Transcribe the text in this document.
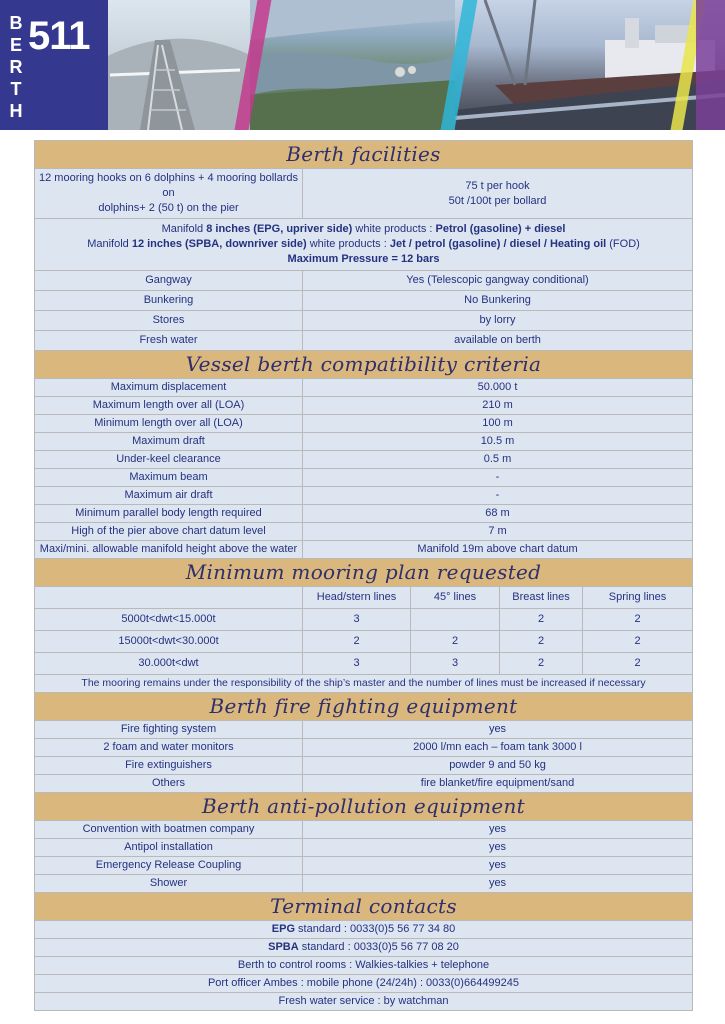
B
E
R
T
H
511
Berth facilities				
12 mooring hooks on 6 dolphins + 4 mooring bollards on
dolphins+ 2 (50 t) on the pier	75 t per hook
50t /100t per bollard			
Manifold 8 inches (EPG, upriver side) white products : Petrol (gasoline) + diesel
Manifold 12 inches (SPBA, downriver side) white products : Jet / petrol (gasoline) / diesel / Heating oil (FOD)
Maximum Pressure = 12 bars				
Gangway	Yes (Telescopic gangway conditional)			
Bunkering	No Bunkering			
Stores	by lorry			
Fresh water	available on berth			
Vessel berth compatibility criteria				
Maximum displacement	50.000 t			
Maximum length over all (LOA)	210 m			
Minimum length over all (LOA)	100 m			
Maximum draft	10.5 m			
Under-keel clearance	0.5 m			
Maximum beam	-			
Maximum air draft	-			
Minimum parallel body length required	68 m			
High of the pier above chart datum level	7 m			
Maxi/mini. allowable manifold height above the water	Manifold 19m above chart datum			
Minimum mooring plan requested				
	Head/stern lines	45° lines	Breast lines	Spring lines
5000t<dwt<15.000t	3		2	2
15000t<dwt<30.000t	2	2	2	2
30.000t<dwt	3	3	2	2
The mooring remains under the responsibility of the ship’s master and the number of lines must be increased if necessary				
Berth fire fighting equipment				
Fire fighting system	yes			
2 foam and water monitors	2000 l/mn each – foam tank 3000 l			
Fire extinguishers	powder 9 and 50 kg			
Others	fire blanket/fire equipment/sand			
Berth anti-pollution equipment				
Convention with boatmen company	yes			
Antipol installation	yes			
Emergency Release Coupling	yes			
Shower	yes			
Terminal contacts				
EPG standard : 0033(0)5 56 77 34 80				
SPBA standard : 0033(0)5 56 77 08 20				
Berth to control rooms : Walkies-talkies + telephone				
Port officer Ambes : mobile phone (24/24h) : 0033(0)664499245				
Fresh water service : by watchman				
